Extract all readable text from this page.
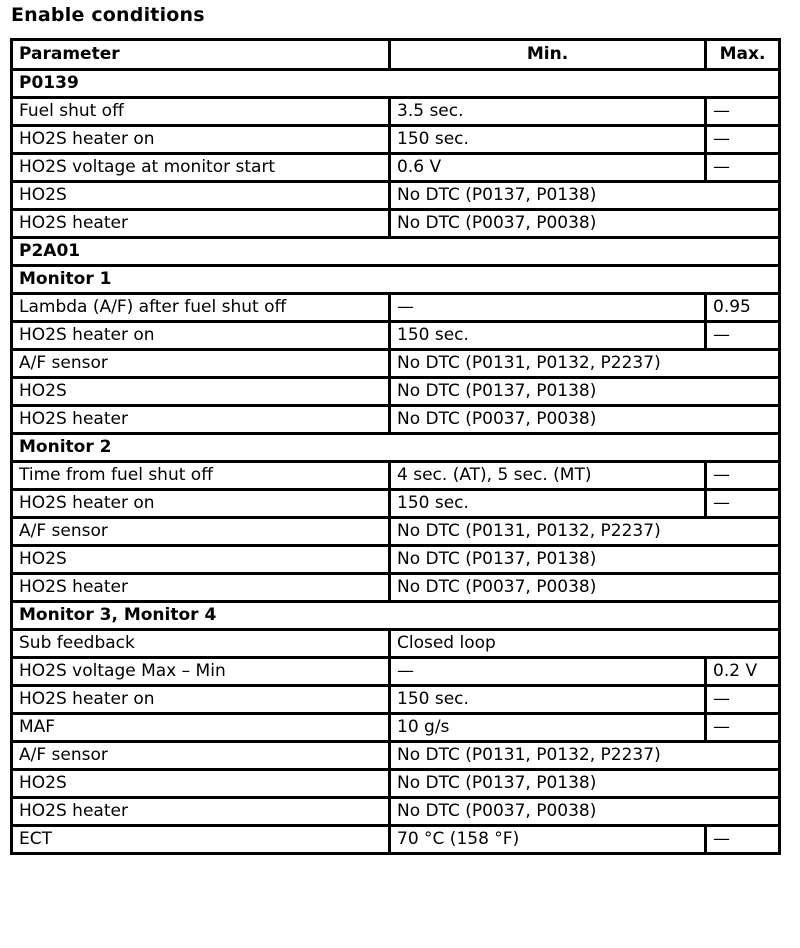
Enable conditions
Parameter	Min.	Max.
P0139		
Fuel shut off	3.5 sec.	—
HO2S heater on	150 sec.	—
HO2S voltage at monitor start	0.6 V	—
HO2S	No DTC (P0137, P0138)	
HO2S heater	No DTC (P0037, P0038)	
P2A01		
Monitor 1		
Lambda (A/F) after fuel shut off	—	0.95
HO2S heater on	150 sec.	—
A/F sensor	No DTC (P0131, P0132, P2237)	
HO2S	No DTC (P0137, P0138)	
HO2S heater	No DTC (P0037, P0038)	
Monitor 2		
Time from fuel shut off	4 sec. (AT), 5 sec. (MT)	—
HO2S heater on	150 sec.	—
A/F sensor	No DTC (P0131, P0132, P2237)	
HO2S	No DTC (P0137, P0138)	
HO2S heater	No DTC (P0037, P0038)	
Monitor 3, Monitor 4		
Sub feedback	Closed loop	
HO2S voltage Max – Min	—	0.2 V
HO2S heater on	150 sec.	—
MAF	10 g/s	—
A/F sensor	No DTC (P0131, P0132, P2237)	
HO2S	No DTC (P0137, P0138)	
HO2S heater	No DTC (P0037, P0038)	
ECT	70 °C (158 °F)	—
